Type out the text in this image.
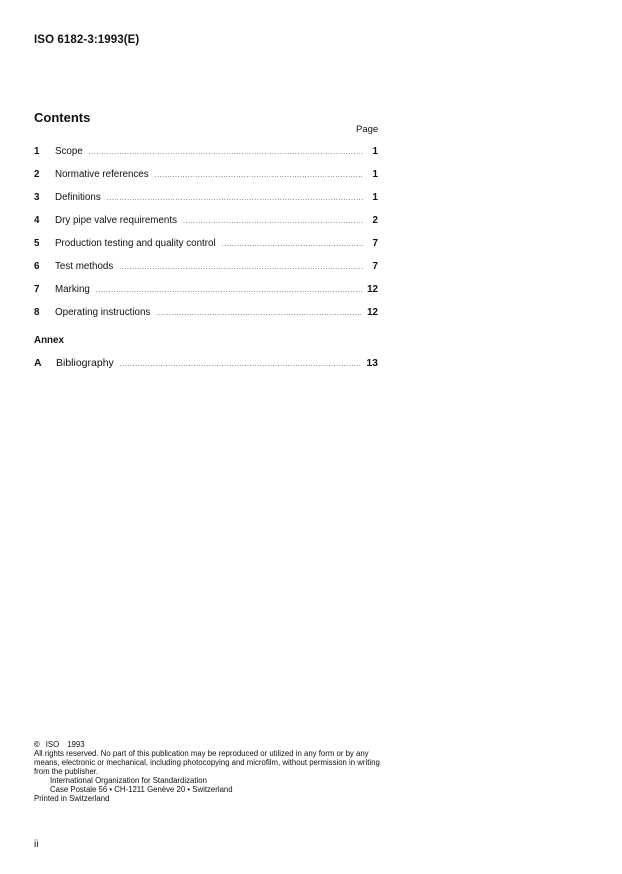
ISO 6182-3:1993(E)
Contents
Page
1	Scope .....	1
2	Normative references .....	1
3	Definitions .....	1
4	Dry pipe valve requirements .....	2
5	Production testing and quality control .....	7
6	Test methods .....	7
7	Marking .....	12
8	Operating instructions .....	12
Annex
A	Bibliography .....	13

© ISO 1993

All rights reserved. No part of this publication may be reproduced or utilized in any form or by any means, electronic or mechanical, including photocopying and microfilm, without permission in writing from the publisher.

International Organization for Standardization

Case Postale 56 • CH-1211 Genève 20 • Switzerland

Printed in Switzerland

ii
